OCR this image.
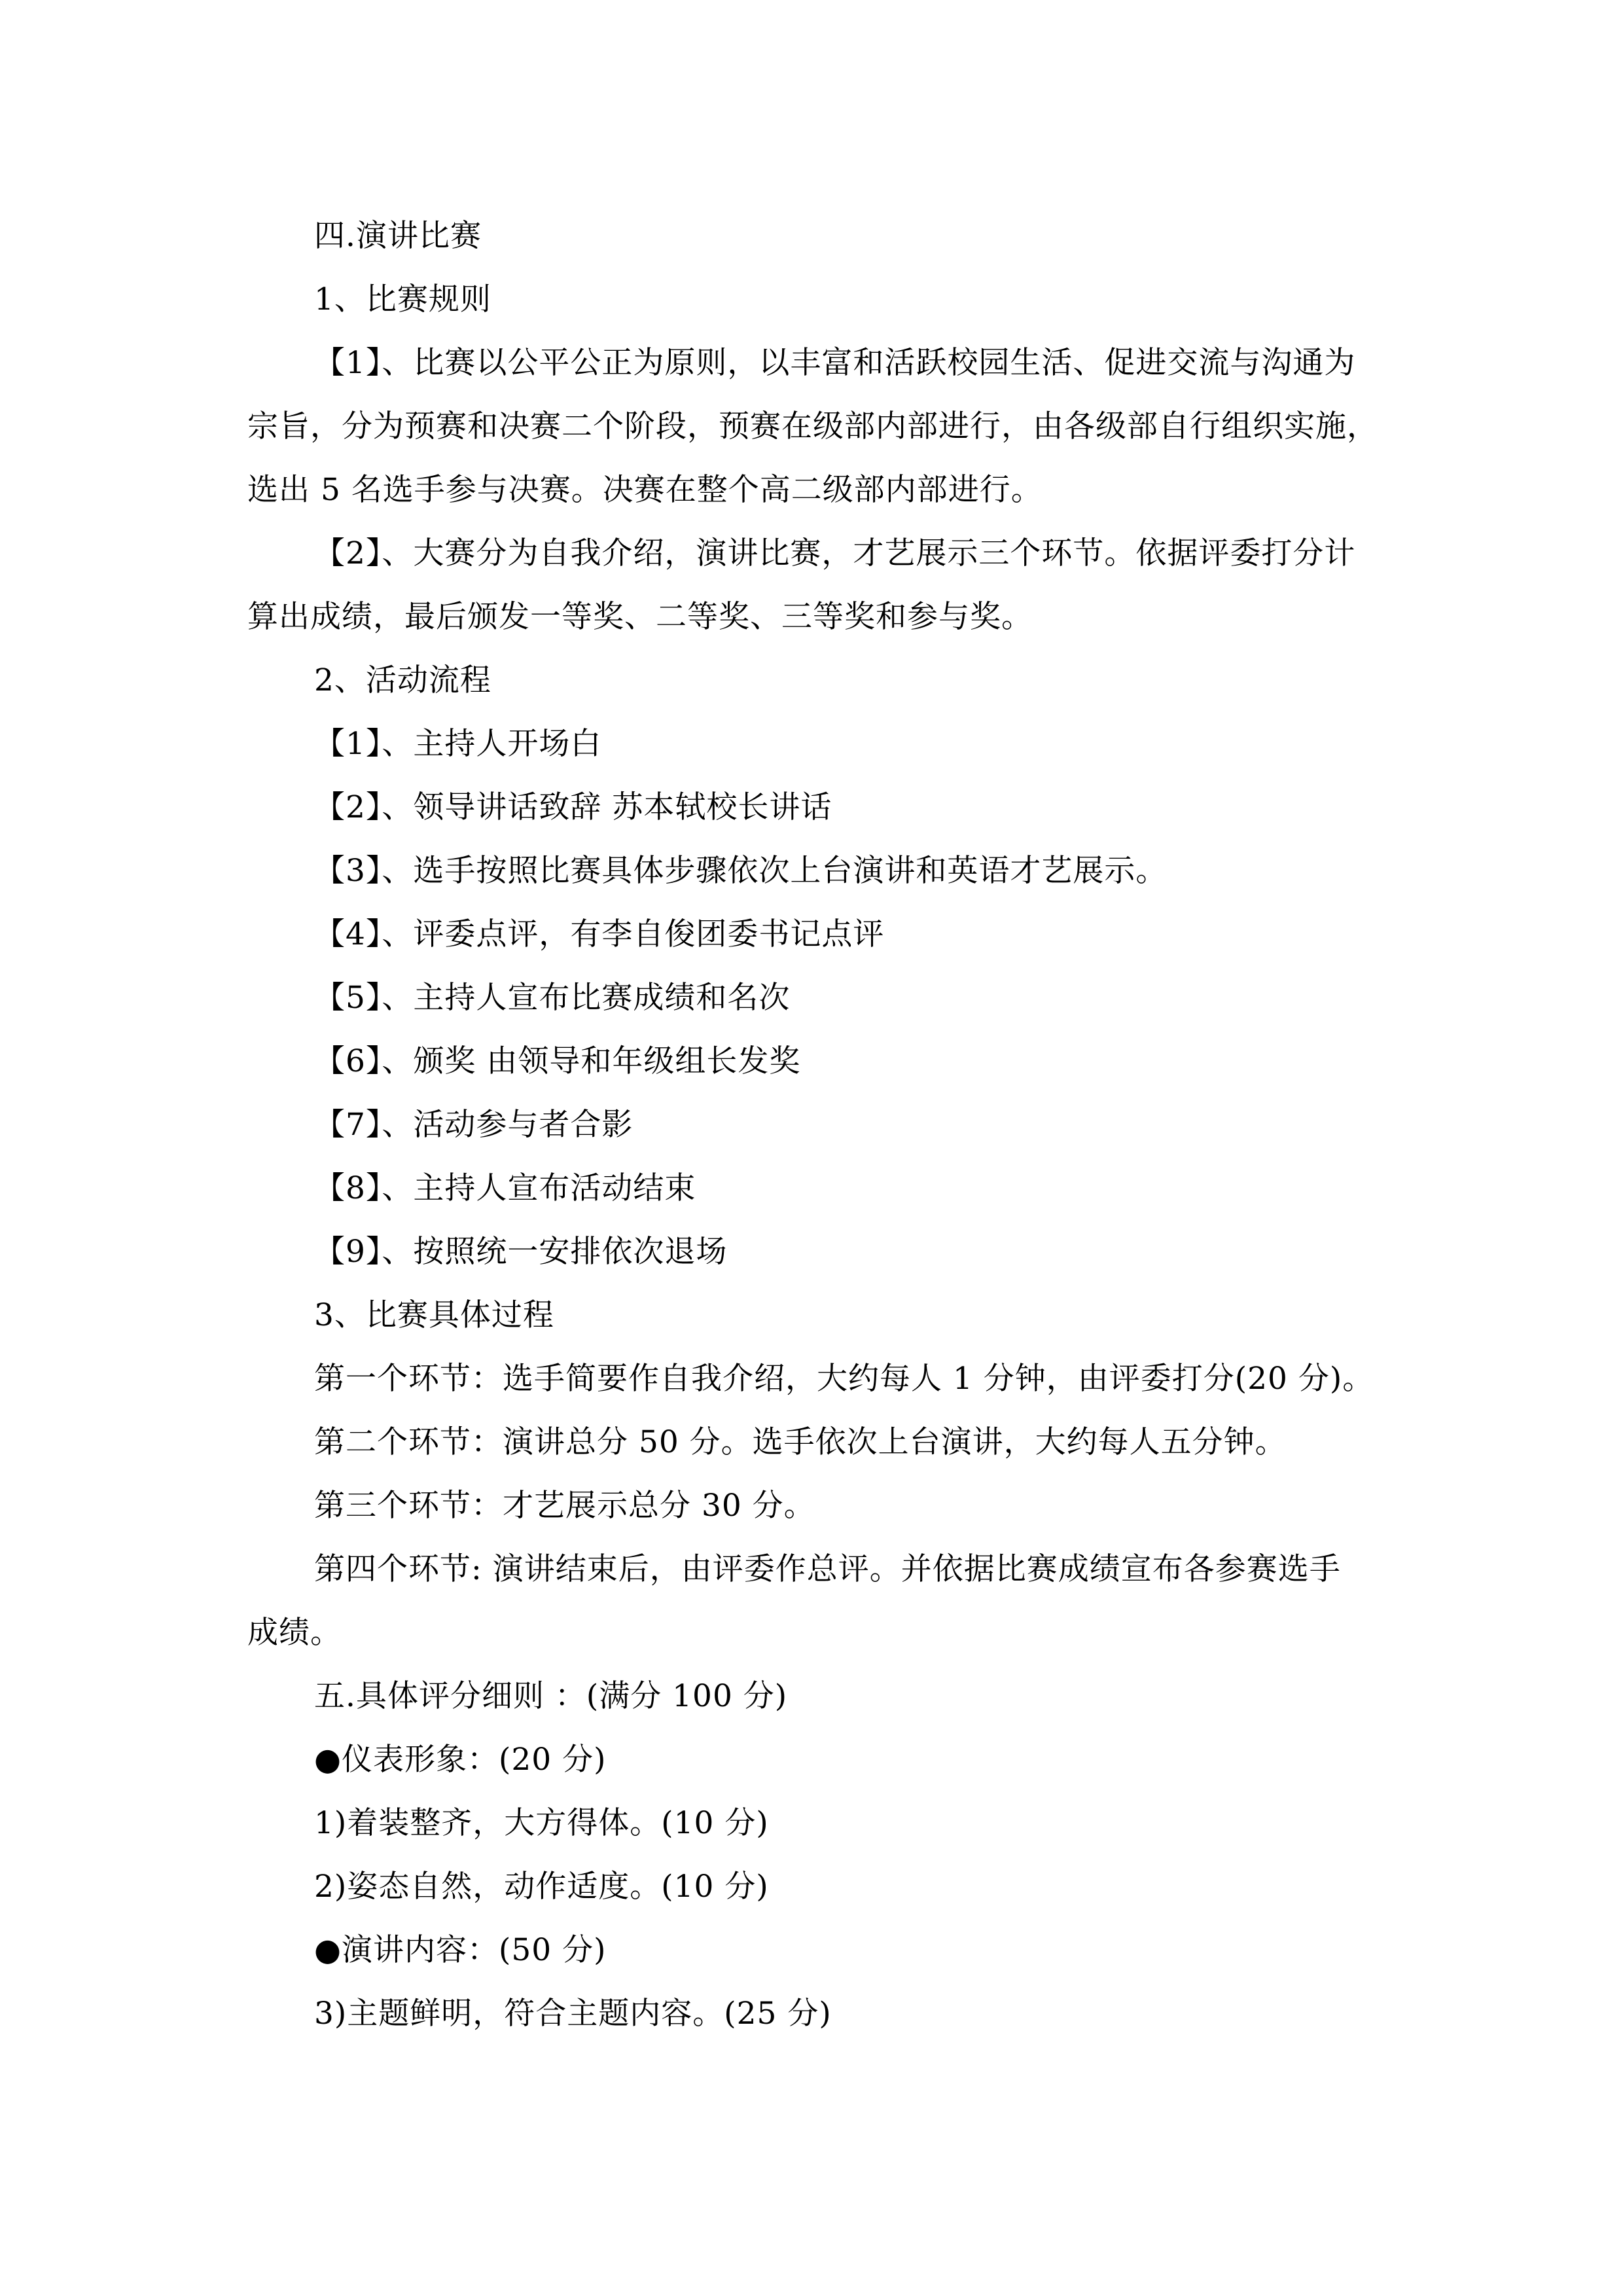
四.演讲比赛
1、比赛规则
【1】、比赛以公平公正为原则，以丰富和活跃校园生活、促进交流与沟通为
宗旨，分为预赛和决赛二个阶段，预赛在级部内部进行，由各级部自行组织实施，
选出 5 名选手参与决赛。决赛在整个高二级部内部进行。
【2】、大赛分为自我介绍，演讲比赛，才艺展示三个环节。依据评委打分计
算出成绩，最后颁发一等奖、二等奖、三等奖和参与奖。
2、活动流程
【1】、主持人开场白
【2】、领导讲话致辞 苏本轼校长讲话
【3】、选手按照比赛具体步骤依次上台演讲和英语才艺展示。
【4】、评委点评，有李自俊团委书记点评
【5】、主持人宣布比赛成绩和名次
【6】、颁奖 由领导和年级组长发奖
【7】、活动参与者合影
【8】、主持人宣布活动结束
【9】、按照统一安排依次退场
3、比赛具体过程
第一个环节：选手简要作自我介绍，大约每人 1 分钟，由评委打分(20 分)。
第二个环节：演讲总分 50 分。选手依次上台演讲，大约每人五分钟。
第三个环节：才艺展示总分 30 分。
第四个环节: 演讲结束后，由评委作总评。并依据比赛成绩宣布各参赛选手
成绩。
五.具体评分细则 ：(满分 100 分)
●仪表形象：(20 分)
1)着装整齐，大方得体。(10 分)
2)姿态自然，动作适度。(10 分)
●演讲内容：(50 分)
3)主题鲜明，符合主题内容。(25 分)
